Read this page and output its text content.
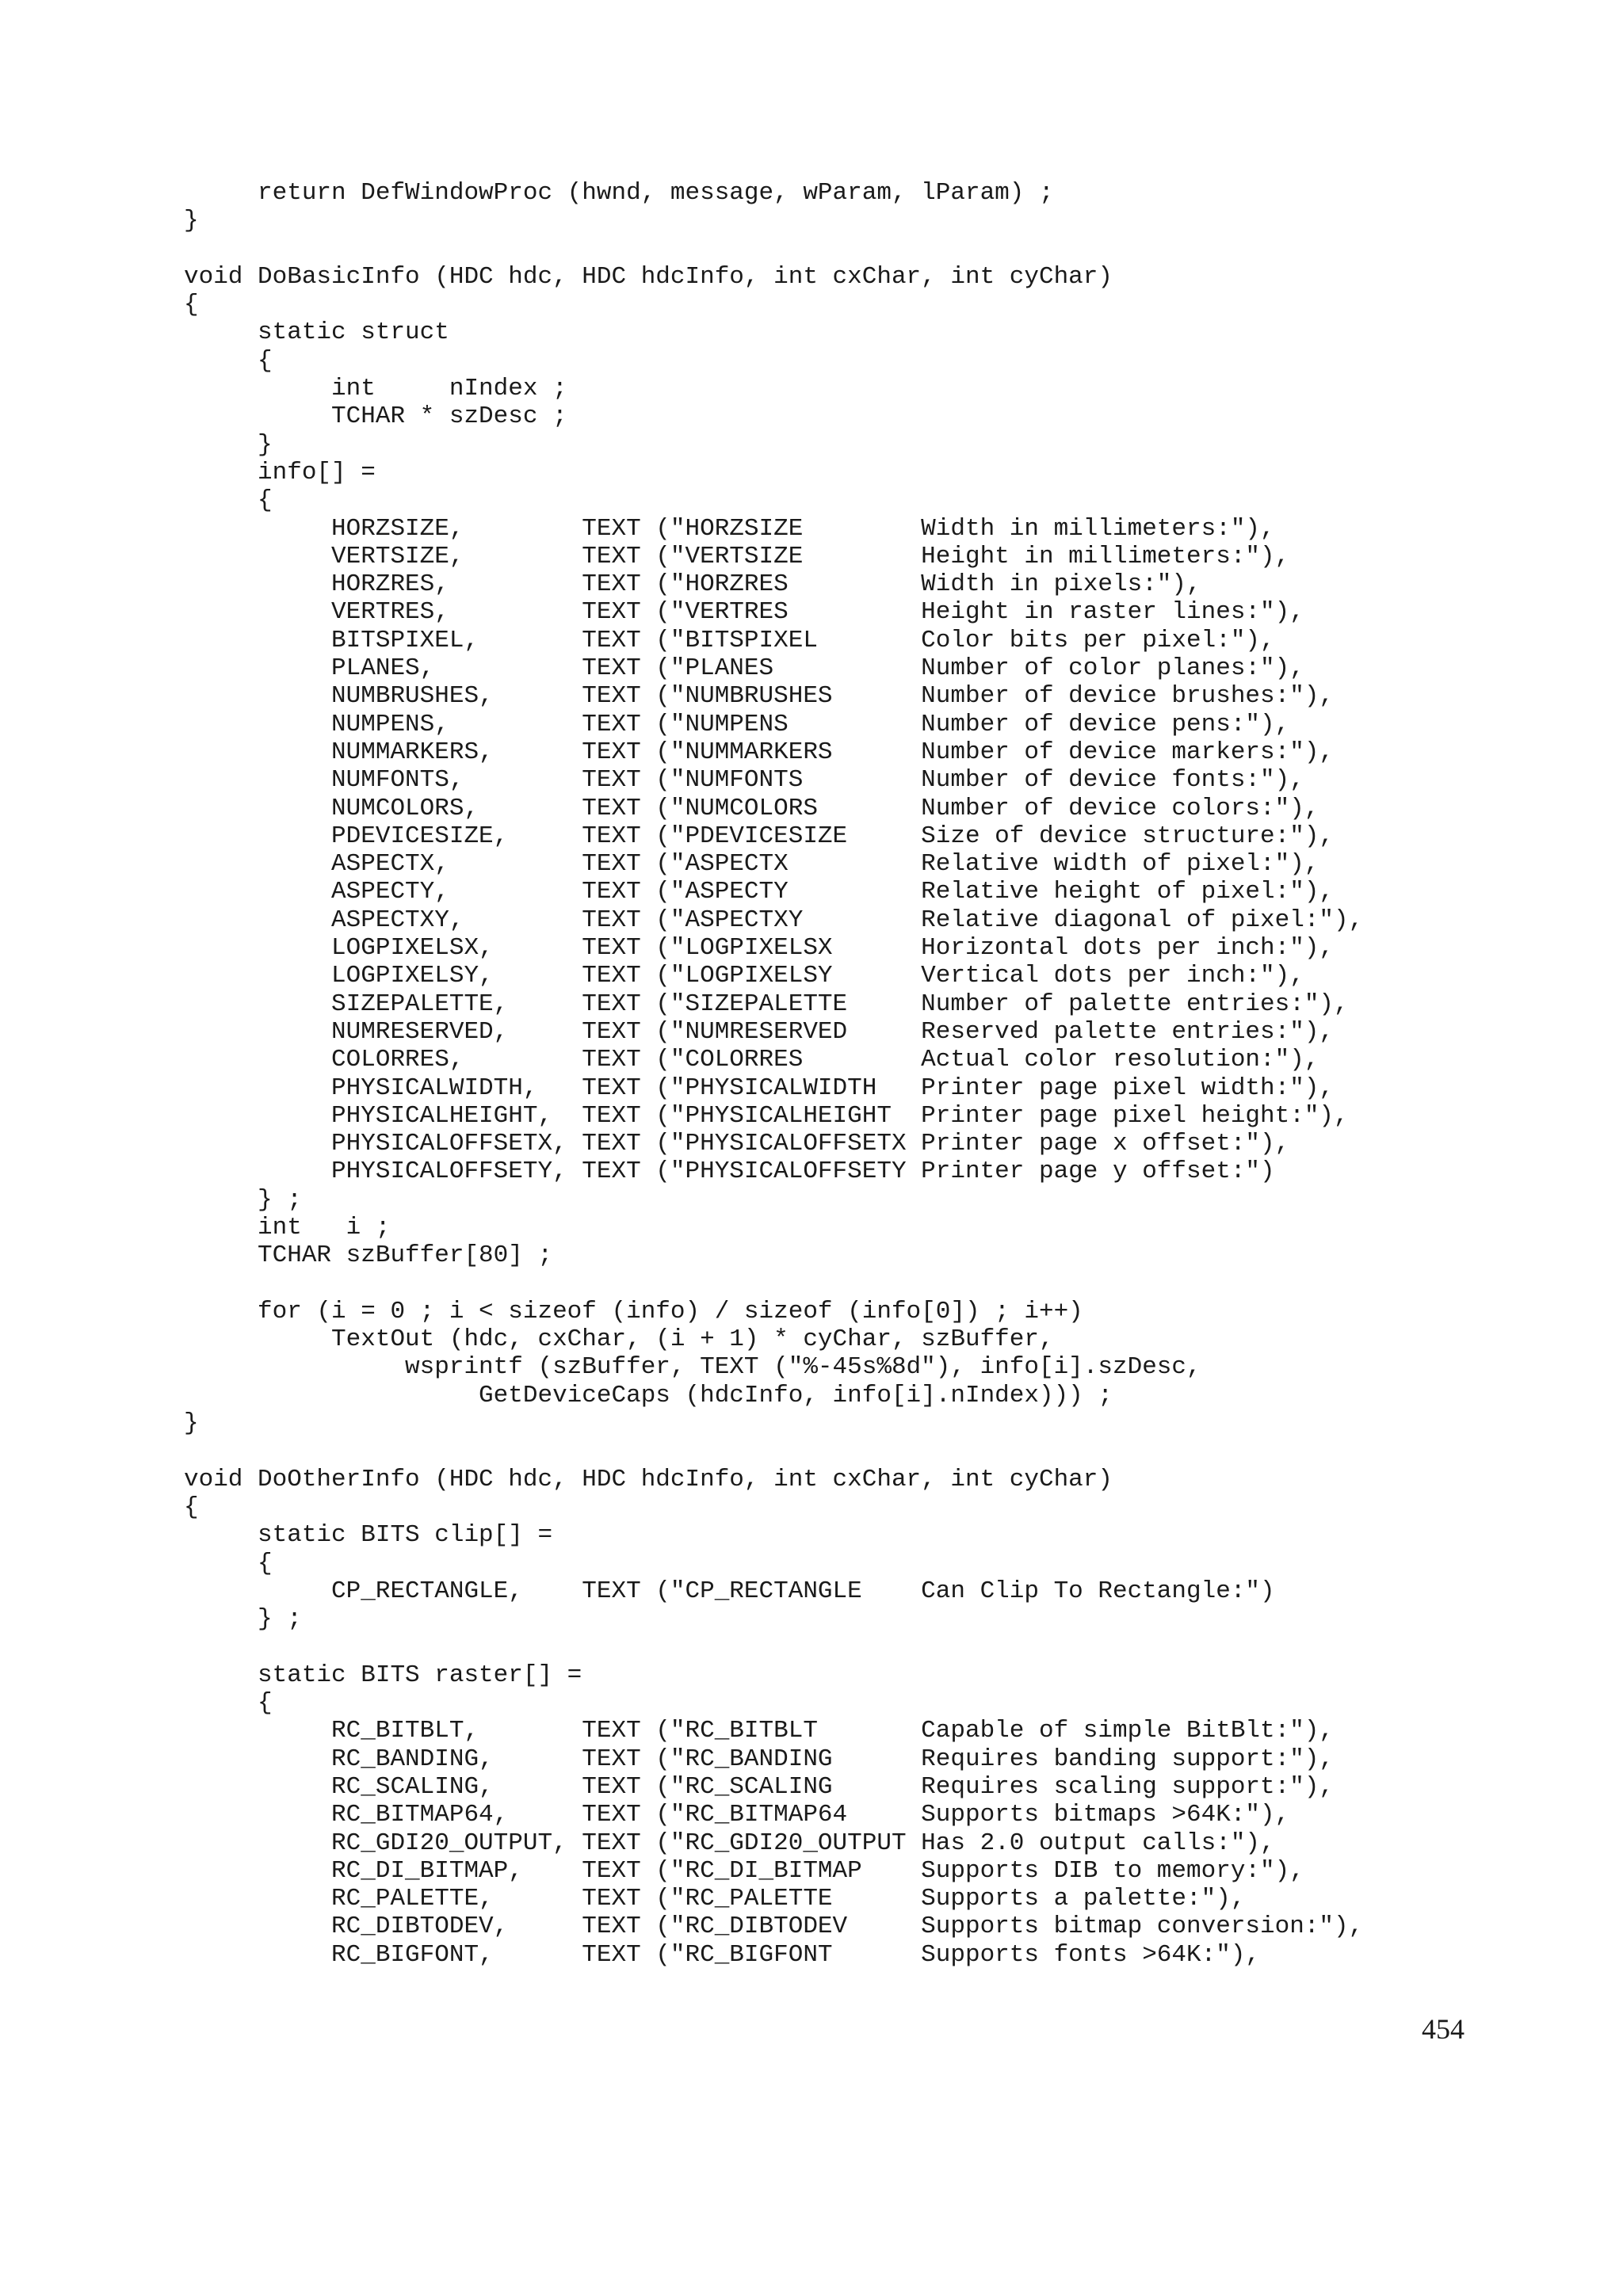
return DefWindowProc (hwnd, message, wParam, lParam) ;
}
void DoBasicInfo (HDC hdc, HDC hdcInfo, int cxChar, int cyChar)
{
static struct
{
int     nIndex ;
TCHAR * szDesc ;
}
info[] =
{
HORZSIZE,        TEXT ("HORZSIZE        Width in millimeters:"),
VERTSIZE,        TEXT ("VERTSIZE        Height in millimeters:"),
HORZRES,         TEXT ("HORZRES         Width in pixels:"),
VERTRES,         TEXT ("VERTRES         Height in raster lines:"),
BITSPIXEL,       TEXT ("BITSPIXEL       Color bits per pixel:"),
PLANES,          TEXT ("PLANES          Number of color planes:"),
NUMBRUSHES,      TEXT ("NUMBRUSHES      Number of device brushes:"),
NUMPENS,         TEXT ("NUMPENS         Number of device pens:"),
NUMMARKERS,      TEXT ("NUMMARKERS      Number of device markers:"),
NUMFONTS,        TEXT ("NUMFONTS        Number of device fonts:"),
NUMCOLORS,       TEXT ("NUMCOLORS       Number of device colors:"),
PDEVICESIZE,     TEXT ("PDEVICESIZE     Size of device structure:"),
ASPECTX,         TEXT ("ASPECTX         Relative width of pixel:"),
ASPECTY,         TEXT ("ASPECTY         Relative height of pixel:"),
ASPECTXY,        TEXT ("ASPECTXY        Relative diagonal of pixel:"),
LOGPIXELSX,      TEXT ("LOGPIXELSX      Horizontal dots per inch:"),
LOGPIXELSY,      TEXT ("LOGPIXELSY      Vertical dots per inch:"),
SIZEPALETTE,     TEXT ("SIZEPALETTE     Number of palette entries:"),
NUMRESERVED,     TEXT ("NUMRESERVED     Reserved palette entries:"),
COLORRES,        TEXT ("COLORRES        Actual color resolution:"),
PHYSICALWIDTH,   TEXT ("PHYSICALWIDTH   Printer page pixel width:"),
PHYSICALHEIGHT,  TEXT ("PHYSICALHEIGHT  Printer page pixel height:"),
PHYSICALOFFSETX, TEXT ("PHYSICALOFFSETX Printer page x offset:"),
PHYSICALOFFSETY, TEXT ("PHYSICALOFFSETY Printer page y offset:")
} ;
int   i ;
TCHAR szBuffer[80] ;
for (i = 0 ; i < sizeof (info) / sizeof (info[0]) ; i++)
TextOut (hdc, cxChar, (i + 1) * cyChar, szBuffer,
wsprintf (szBuffer, TEXT ("%-45s%8d"), info[i].szDesc,
GetDeviceCaps (hdcInfo, info[i].nIndex))) ;
}
void DoOtherInfo (HDC hdc, HDC hdcInfo, int cxChar, int cyChar)
{
static BITS clip[] =
{
CP_RECTANGLE,    TEXT ("CP_RECTANGLE    Can Clip To Rectangle:")
} ;
static BITS raster[] =
{
RC_BITBLT,       TEXT ("RC_BITBLT       Capable of simple BitBlt:"),
RC_BANDING,      TEXT ("RC_BANDING      Requires banding support:"),
RC_SCALING,      TEXT ("RC_SCALING      Requires scaling support:"),
RC_BITMAP64,     TEXT ("RC_BITMAP64     Supports bitmaps >64K:"),
RC_GDI20_OUTPUT, TEXT ("RC_GDI20_OUTPUT Has 2.0 output calls:"),
RC_DI_BITMAP,    TEXT ("RC_DI_BITMAP    Supports DIB to memory:"),
RC_PALETTE,      TEXT ("RC_PALETTE      Supports a palette:"),
RC_DIBTODEV,     TEXT ("RC_DIBTODEV     Supports bitmap conversion:"),
RC_BIGFONT,      TEXT ("RC_BIGFONT      Supports fonts >64K:"),
454
